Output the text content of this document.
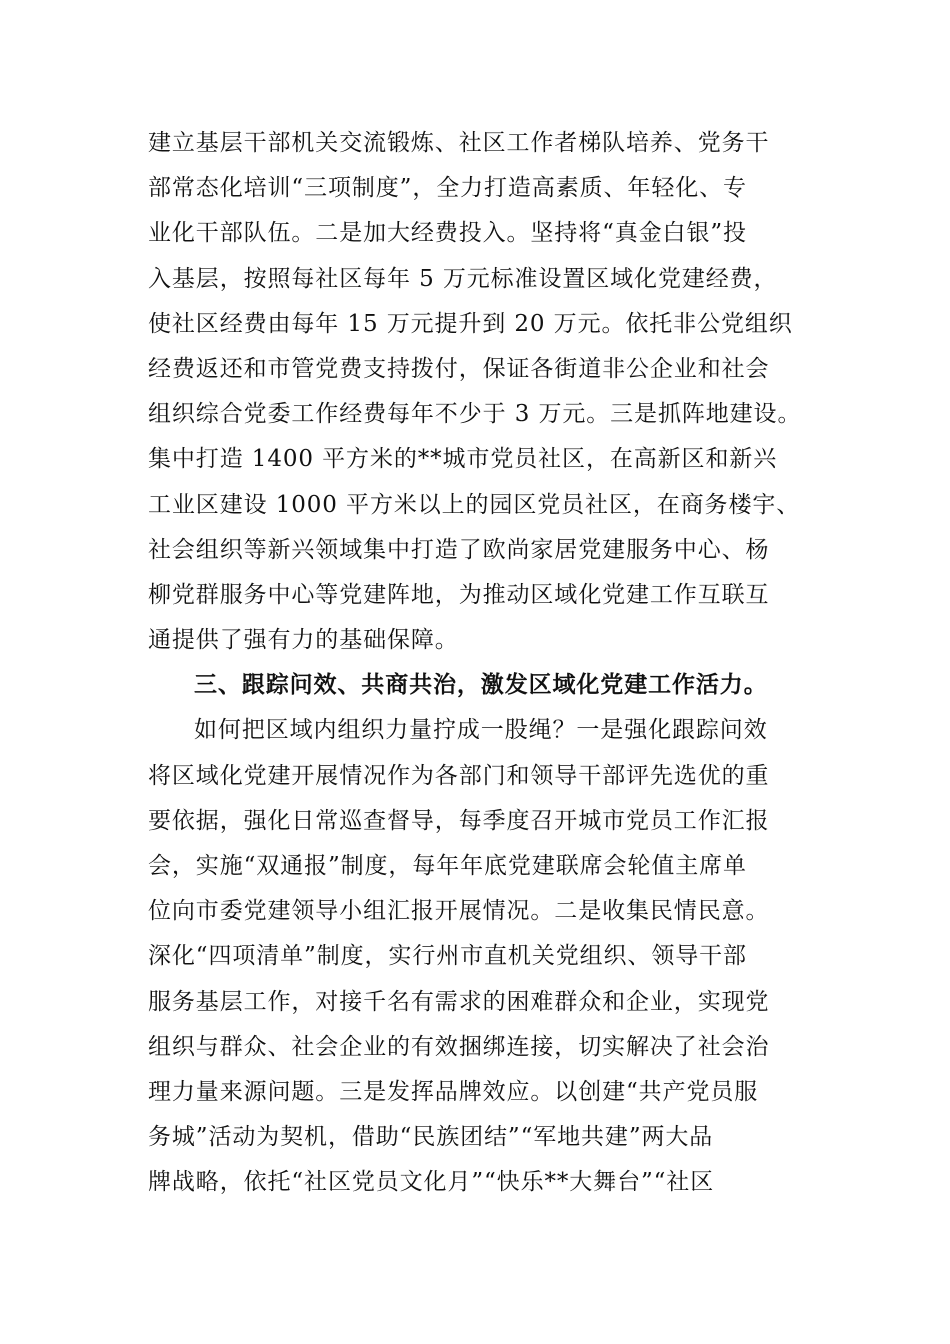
建立基层干部机关交流锻炼、社区工作者梯队培养、党务干
部常态化培训“三项制度”，全力打造高素质、年轻化、专
业化干部队伍。二是加大经费投入。坚持将“真金白银”投
入基层，按照每社区每年 5 万元标准设置区域化党建经费，
使社区经费由每年 15 万元提升到 20 万元。依托非公党组织
经费返还和市管党费支持拨付，保证各街道非公企业和社会
组织综合党委工作经费每年不少于 3 万元。三是抓阵地建设。
集中打造 1400 平方米的**城市党员社区，在高新区和新兴
工业区建设 1000 平方米以上的园区党员社区，在商务楼宇、
社会组织等新兴领域集中打造了欧尚家居党建服务中心、杨
柳党群服务中心等党建阵地，为推动区域化党建工作互联互
通提供了强有力的基础保障。
三、跟踪问效、共商共治，激发区域化党建工作活力。
如何把区域内组织力量拧成一股绳？一是强化跟踪问效
将区域化党建开展情况作为各部门和领导干部评先选优的重
要依据，强化日常巡查督导，每季度召开城市党员工作汇报
会，实施“双通报”制度，每年年底党建联席会轮值主席单
位向市委党建领导小组汇报开展情况。二是收集民情民意。
深化“四项清单”制度，实行州市直机关党组织、领导干部
服务基层工作，对接千名有需求的困难群众和企业，实现党
组织与群众、社会企业的有效捆绑连接，切实解决了社会治
理力量来源问题。三是发挥品牌效应。以创建“共产党员服
务城”活动为契机，借助“民族团结”“军地共建”两大品
牌战略，依托“社区党员文化月”“快乐**大舞台”“社区
